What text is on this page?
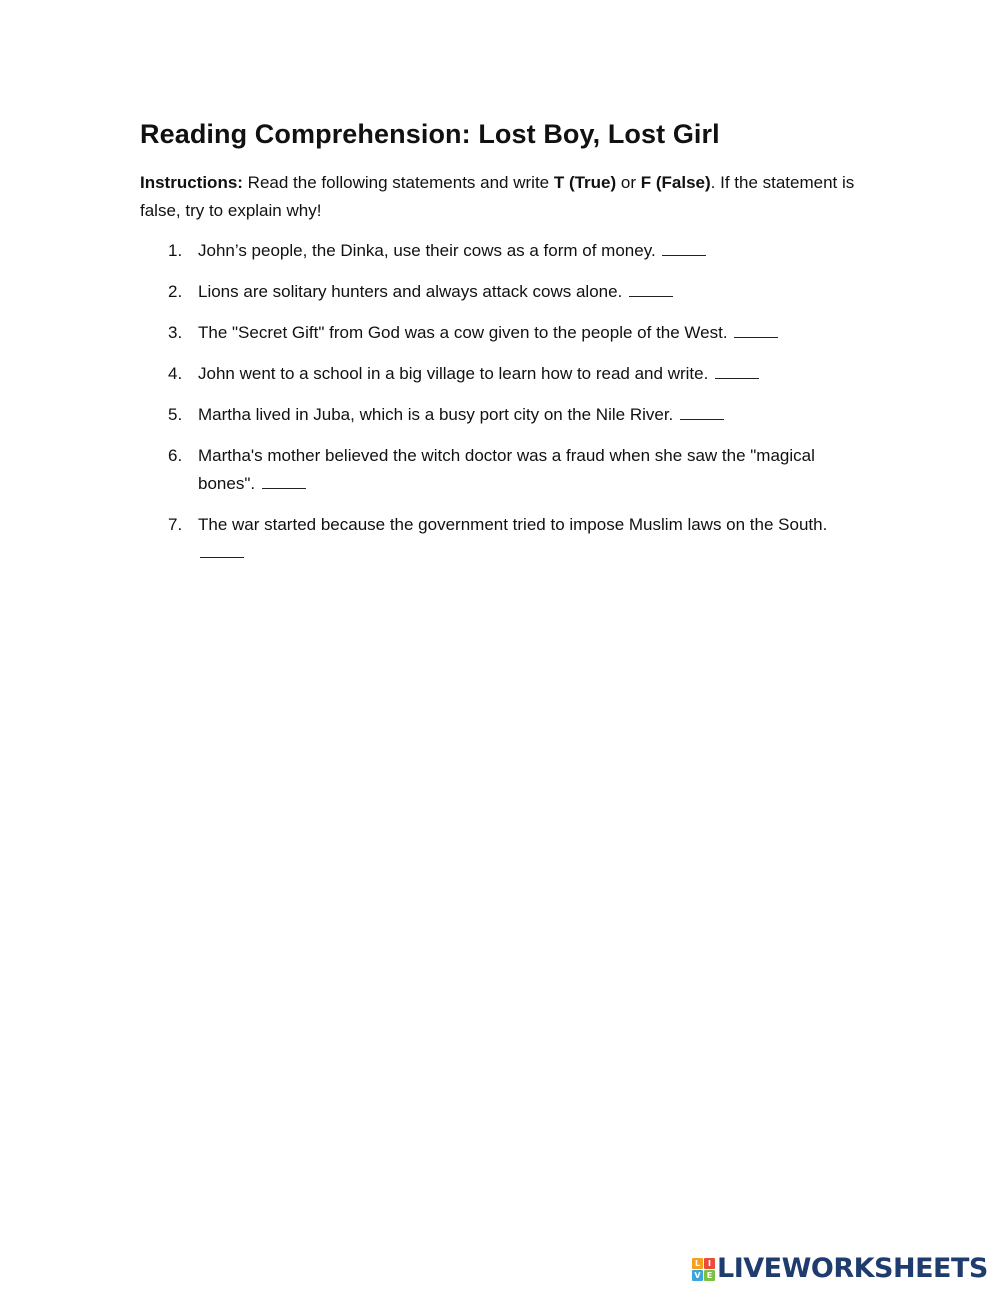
Reading Comprehension: Lost Boy, Lost Girl

Instructions: Read the following statements and write T (True) or F (False). If the statement is false, try to explain why!

1. John’s people, the Dinka, use their cows as a form of money.
2. Lions are solitary hunters and always attack cows alone.
3. The "Secret Gift" from God was a cow given to the people of the West.
4. John went to a school in a big village to learn how to read and write.
5. Martha lived in Juba, which is a busy port city on the Nile River.
6. Martha's mother believed the witch doctor was a fraud when she saw the "magical bones".
7. The war started because the government tried to impose Muslim laws on the South.
L I
V E LIVEWORKSHEETS
